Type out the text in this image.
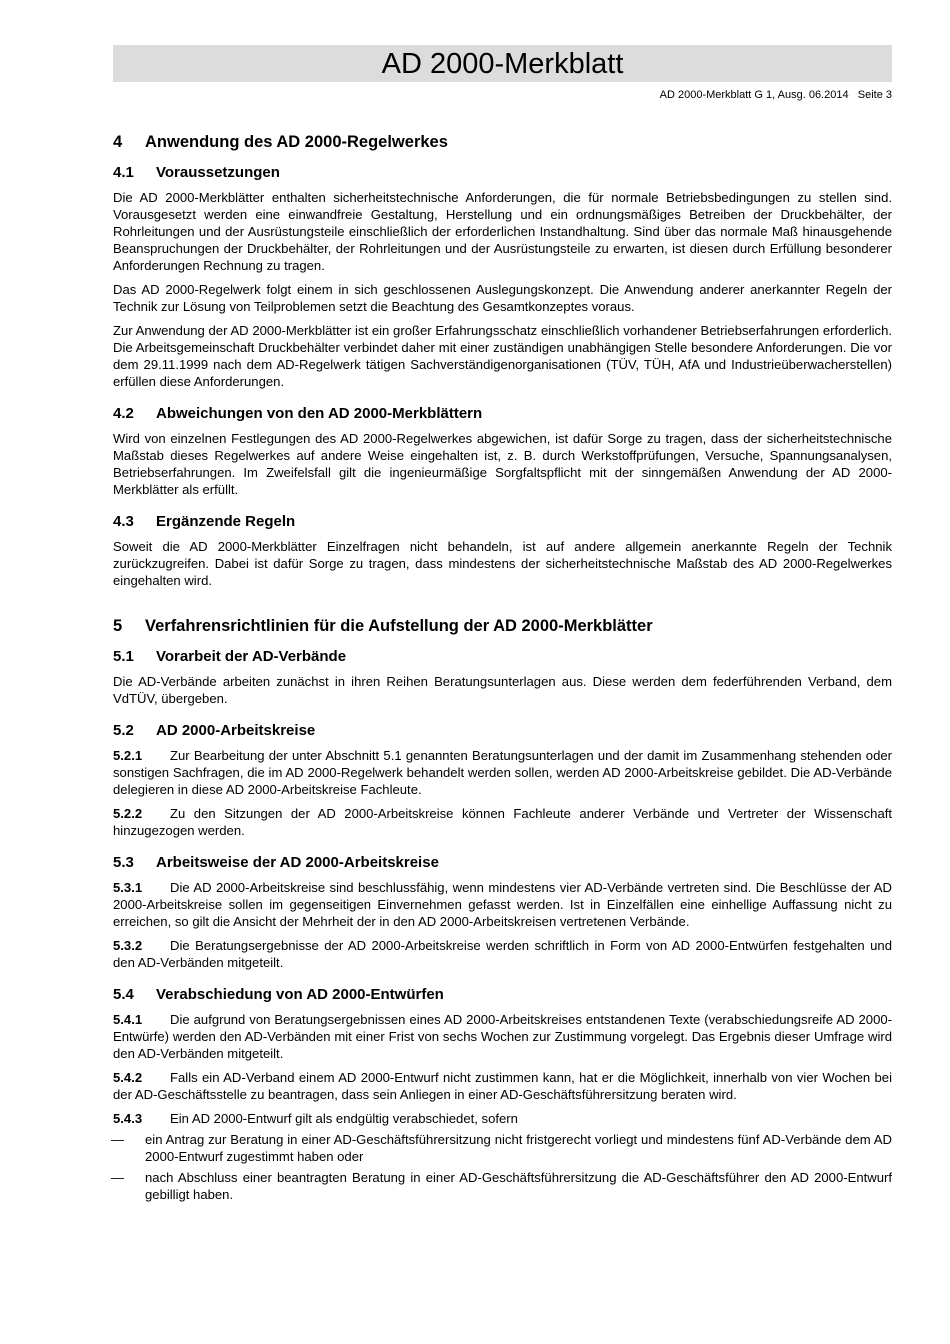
AD 2000-Merkblatt
AD 2000-Merkblatt G 1, Ausg. 06.2014   Seite 3
4 Anwendung des AD 2000-Regelwerkes
4.1 Voraussetzungen

Die AD 2000-Merkblätter enthalten sicherheitstechnische Anforderungen, die für normale Betriebsbedingungen zu stellen sind. Vorausgesetzt werden eine einwandfreie Gestaltung, Herstellung und ein ordnungsmäßiges Betreiben der Druckbehälter, der Rohrleitungen und der Ausrüstungsteile einschließlich der erforderlichen Instandhaltung. Sind über das normale Maß hinausgehende Beanspruchungen der Druckbehälter, der Rohrleitungen und der Ausrüstungsteile zu erwarten, ist diesen durch Erfüllung besonderer Anforderungen Rechnung zu tragen.

Das AD 2000-Regelwerk folgt einem in sich geschlossenen Auslegungskonzept. Die Anwendung anderer anerkannter Regeln der Technik zur Lösung von Teilproblemen setzt die Beachtung des Gesamtkonzeptes voraus.

Zur Anwendung der AD 2000-Merkblätter ist ein großer Erfahrungsschatz einschließlich vorhandener Betriebserfahrungen erforderlich. Die Arbeitsgemeinschaft Druckbehälter verbindet daher mit einer zuständigen unabhängigen Stelle besondere Anforderungen. Die vor dem 29.11.1999 nach dem AD-Regelwerk tätigen Sachverständigenorganisationen (TÜV, TÜH, AfA und Industrieüberwacherstellen) erfüllen diese Anforderungen.

4.2 Abweichungen von den AD 2000-Merkblättern

Wird von einzelnen Festlegungen des AD 2000-Regelwerkes abgewichen, ist dafür Sorge zu tragen, dass der sicherheitstechnische Maßstab dieses Regelwerkes auf andere Weise eingehalten ist, z. B. durch Werkstoffprüfungen, Versuche, Spannungsanalysen, Betriebserfahrungen. Im Zweifelsfall gilt die ingenieurmäßige Sorgfaltspflicht mit der sinngemäßen Anwendung der AD 2000-Merkblätter als erfüllt.

4.3 Ergänzende Regeln

Soweit die AD 2000-Merkblätter Einzelfragen nicht behandeln, ist auf andere allgemein anerkannte Regeln der Technik zurückzugreifen. Dabei ist dafür Sorge zu tragen, dass mindestens der sicherheitstechnische Maßstab des AD 2000-Regelwerkes eingehalten wird.

5 Verfahrensrichtlinien für die Aufstellung der AD 2000-Merkblätter
5.1 Vorarbeit der AD-Verbände

Die AD-Verbände arbeiten zunächst in ihren Reihen Beratungsunterlagen aus. Diese werden dem federführenden Verband, dem VdTÜV, übergeben.

5.2 AD 2000-Arbeitskreise

5.2.1 Zur Bearbeitung der unter Abschnitt 5.1 genannten Beratungsunterlagen und der damit im Zusammenhang stehenden oder sonstigen Sachfragen, die im AD 2000-Regelwerk behandelt werden sollen, werden AD 2000-Arbeitskreise gebildet. Die AD-Verbände delegieren in diese AD 2000-Arbeitskreise Fachleute.

5.2.2 Zu den Sitzungen der AD 2000-Arbeitskreise können Fachleute anderer Verbände und Vertreter der Wissenschaft hinzugezogen werden.

5.3 Arbeitsweise der AD 2000-Arbeitskreise

5.3.1 Die AD 2000-Arbeitskreise sind beschlussfähig, wenn mindestens vier AD-Verbände vertreten sind. Die Beschlüsse der AD 2000-Arbeitskreise sollen im gegenseitigen Einvernehmen gefasst werden. Ist in Einzelfällen eine einhellige Auffassung nicht zu erreichen, so gilt die Ansicht der Mehrheit der in den AD 2000-Arbeitskreisen vertretenen Verbände.

5.3.2 Die Beratungsergebnisse der AD 2000-Arbeitskreise werden schriftlich in Form von AD 2000-Entwürfen festgehalten und den AD-Verbänden mitgeteilt.

5.4 Verabschiedung von AD 2000-Entwürfen

5.4.1 Die aufgrund von Beratungsergebnissen eines AD 2000-Arbeitskreises entstandenen Texte (verabschiedungsreife AD 2000-Entwürfe) werden den AD-Verbänden mit einer Frist von sechs Wochen zur Zustimmung vorgelegt. Das Ergebnis dieser Umfrage wird den AD-Verbänden mitgeteilt.

5.4.2 Falls ein AD-Verband einem AD 2000-Entwurf nicht zustimmen kann, hat er die Möglichkeit, innerhalb von vier Wochen bei der AD-Geschäftsstelle zu beantragen, dass sein Anliegen in einer AD-Geschäftsführersitzung beraten wird.

5.4.3 Ein AD 2000-Entwurf gilt als endgültig verabschiedet, sofern

— ein Antrag zur Beratung in einer AD-Geschäftsführersitzung nicht fristgerecht vorliegt und mindestens fünf AD-Verbände dem AD 2000-Entwurf zugestimmt haben oder
— nach Abschluss einer beantragten Beratung in einer AD-Geschäftsführersitzung die AD-Geschäftsführer den AD 2000-Entwurf gebilligt haben.
